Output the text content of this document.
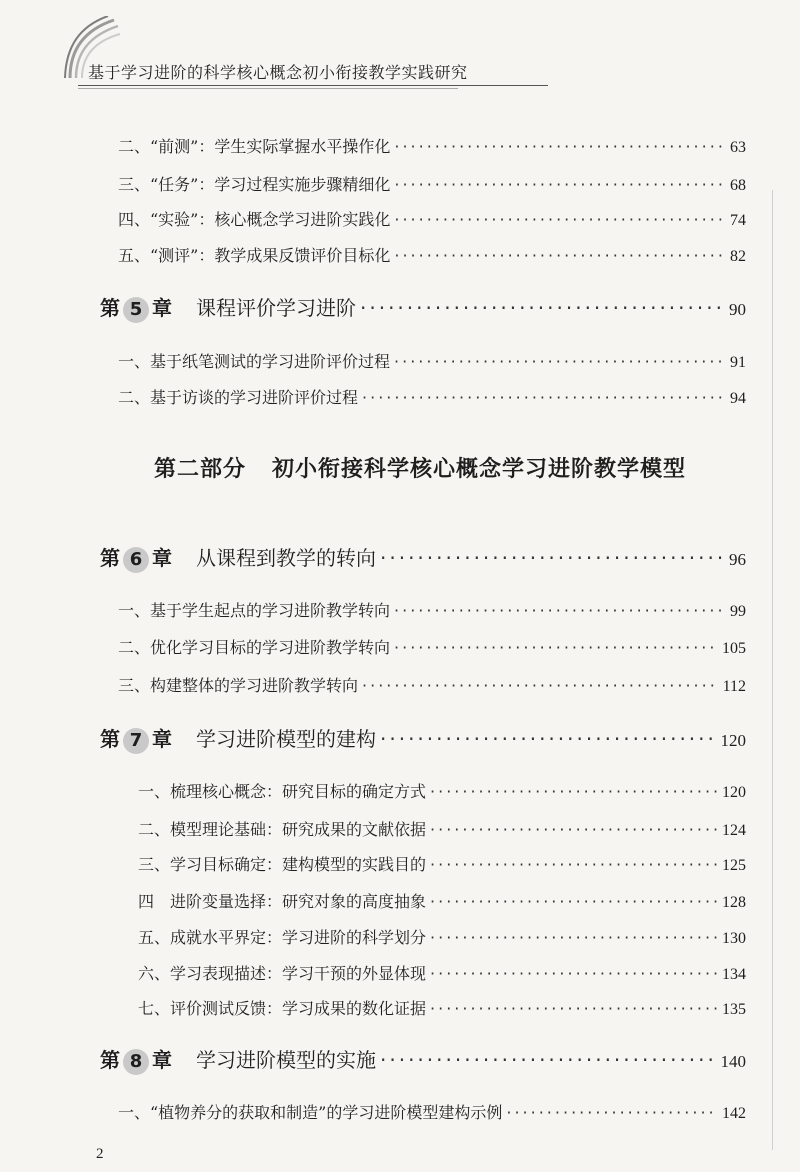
基于学习进阶的科学核心概念初小衔接教学实践研究
二、“前测”：学生实际掌握水平操作化 ·····	63
三、“任务”：学习过程实施步骤精细化 ·····	68
四、“实验”：核心概念学习进阶实践化 ·····	74
五、“测评”：教学成果反馈评价目标化 ·····	82
第 5 章 课程评价学习进阶 ·····	90
一、基于纸笔测试的学习进阶评价过程 ·····	91
二、基于访谈的学习进阶评价过程 ·····	94
第二部分 初小衔接科学核心概念学习进阶教学模型
第 6 章 从课程到教学的转向 ·····	96
一、基于学生起点的学习进阶教学转向 ·····	99
二、优化学习目标的学习进阶教学转向 ·····	105
三、构建整体的学习进阶教学转向 ·····	112
第 7 章 学习进阶模型的建构 ·····	120
一、梳理核心概念：研究目标的确定方式 ·····	120
二、模型理论基础：研究成果的文献依据 ·····	124
三、学习目标确定：建构模型的实践目的 ·····	125
四　进阶变量选择：研究对象的高度抽象 ·····	128
五、成就水平界定：学习进阶的科学划分 ·····	130
六、学习表现描述：学习干预的外显体现 ·····	134
七、评价测试反馈：学习成果的数化证据 ·····	135
第 8 章 学习进阶模型的实施 ·····	140
一、“植物养分的获取和制造”的学习进阶模型建构示例 ·····	142
2
